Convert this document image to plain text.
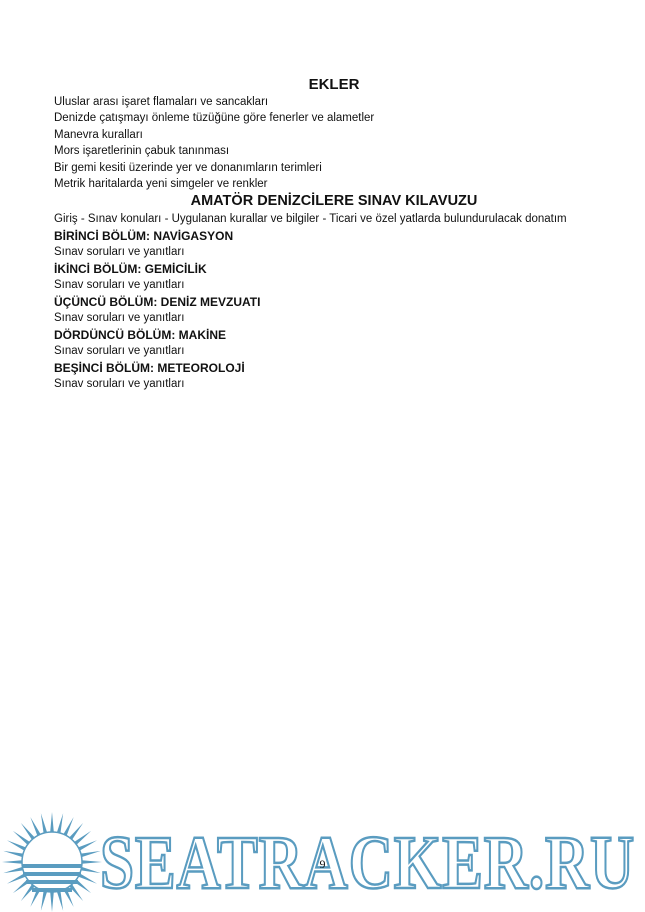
EKLER
Uluslar arası işaret flamaları ve sancakları
Denizde çatışmayı önleme tüzüğüne göre fenerler ve alametler
Manevra kuralları
Mors işaretlerinin çabuk tanınması
Bir gemi kesiti üzerinde yer ve donanımların terimleri
Metrik haritalarda yeni simgeler ve renkler
AMATÖR DENİZCİLERE SINAV KILAVUZU
Giriş - Sınav konuları - Uygulanan kurallar ve bilgiler - Ticari ve özel yatlarda bulundurulacak donatım
BİRİNCİ BÖLÜM: NAVİGASYON
Sınav soruları ve yanıtları
İKİNCİ BÖLÜM: GEMİCİLİK
Sınav soruları ve yanıtları
ÜÇÜNCÜ BÖLÜM: DENİZ MEVZUATI
Sınav soruları ve yanıtları
DÖRDÜNCÜ BÖLÜM: MAKİNE
Sınav soruları ve yanıtları
BEŞİNCİ BÖLÜM: METEOROLOJİ
Sınav soruları ve yanıtları
SEATRACKER.RU
9
